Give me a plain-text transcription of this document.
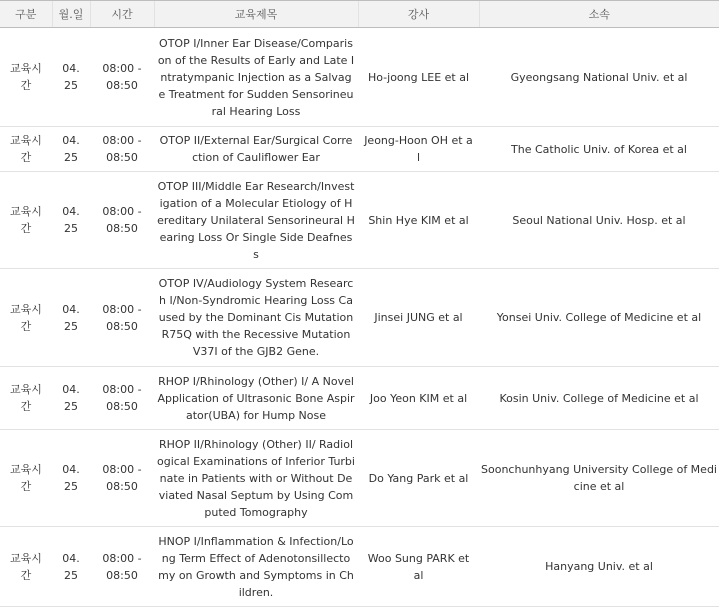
구분	월.일	시간	교육제목	강사	소속
교육시간	04.25	08:00 - 08:50	OTOP I/Inner Ear Disease/Comparison of the Results of Early and Late Intratympanic Injection as a Salvage Treatment for Sudden Sensorineural Hearing Loss	Ho-joong LEE et al	Gyeongsang National Univ. et al
교육시간	04.25	08:00 - 08:50	OTOP II/External Ear/Surgical Correction of Cauliflower Ear	Jeong-Hoon OH et al	The Catholic Univ. of Korea et al
교육시간	04.25	08:00 - 08:50	OTOP III/Middle Ear Research/Investigation of a Molecular Etiology of Hereditary Unilateral Sensorineural Hearing Loss Or Single Side Deafness	Shin Hye KIM et al	Seoul National Univ. Hosp. et al
교육시간	04.25	08:00 - 08:50	OTOP IV/Audiology System Research I/Non-Syndromic Hearing Loss Caused by the Dominant Cis Mutation R75Q with the Recessive Mutation V37I of the GJB2 Gene.	Jinsei JUNG et al	Yonsei Univ. College of Medicine et al
교육시간	04.25	08:00 - 08:50	RHOP I/Rhinology (Other) I/ A Novel Application of Ultrasonic Bone Aspirator(UBA) for Hump Nose	Joo Yeon KIM et al	Kosin Univ. College of Medicine et al
교육시간	04.25	08:00 - 08:50	RHOP II/Rhinology (Other) II/ Radiological Examinations of Inferior Turbinate in Patients with or Without Deviated Nasal Septum by Using Computed Tomography	Do Yang Park et al	Soonchunhyang University College of Medicine et al
교육시간	04.25	08:00 - 08:50	HNOP I/Inflammation & Infection/Long Term Effect of Adenotonsillectomy on Growth and Symptoms in Children.	Woo Sung PARK et al	Hanyang Univ. et al
